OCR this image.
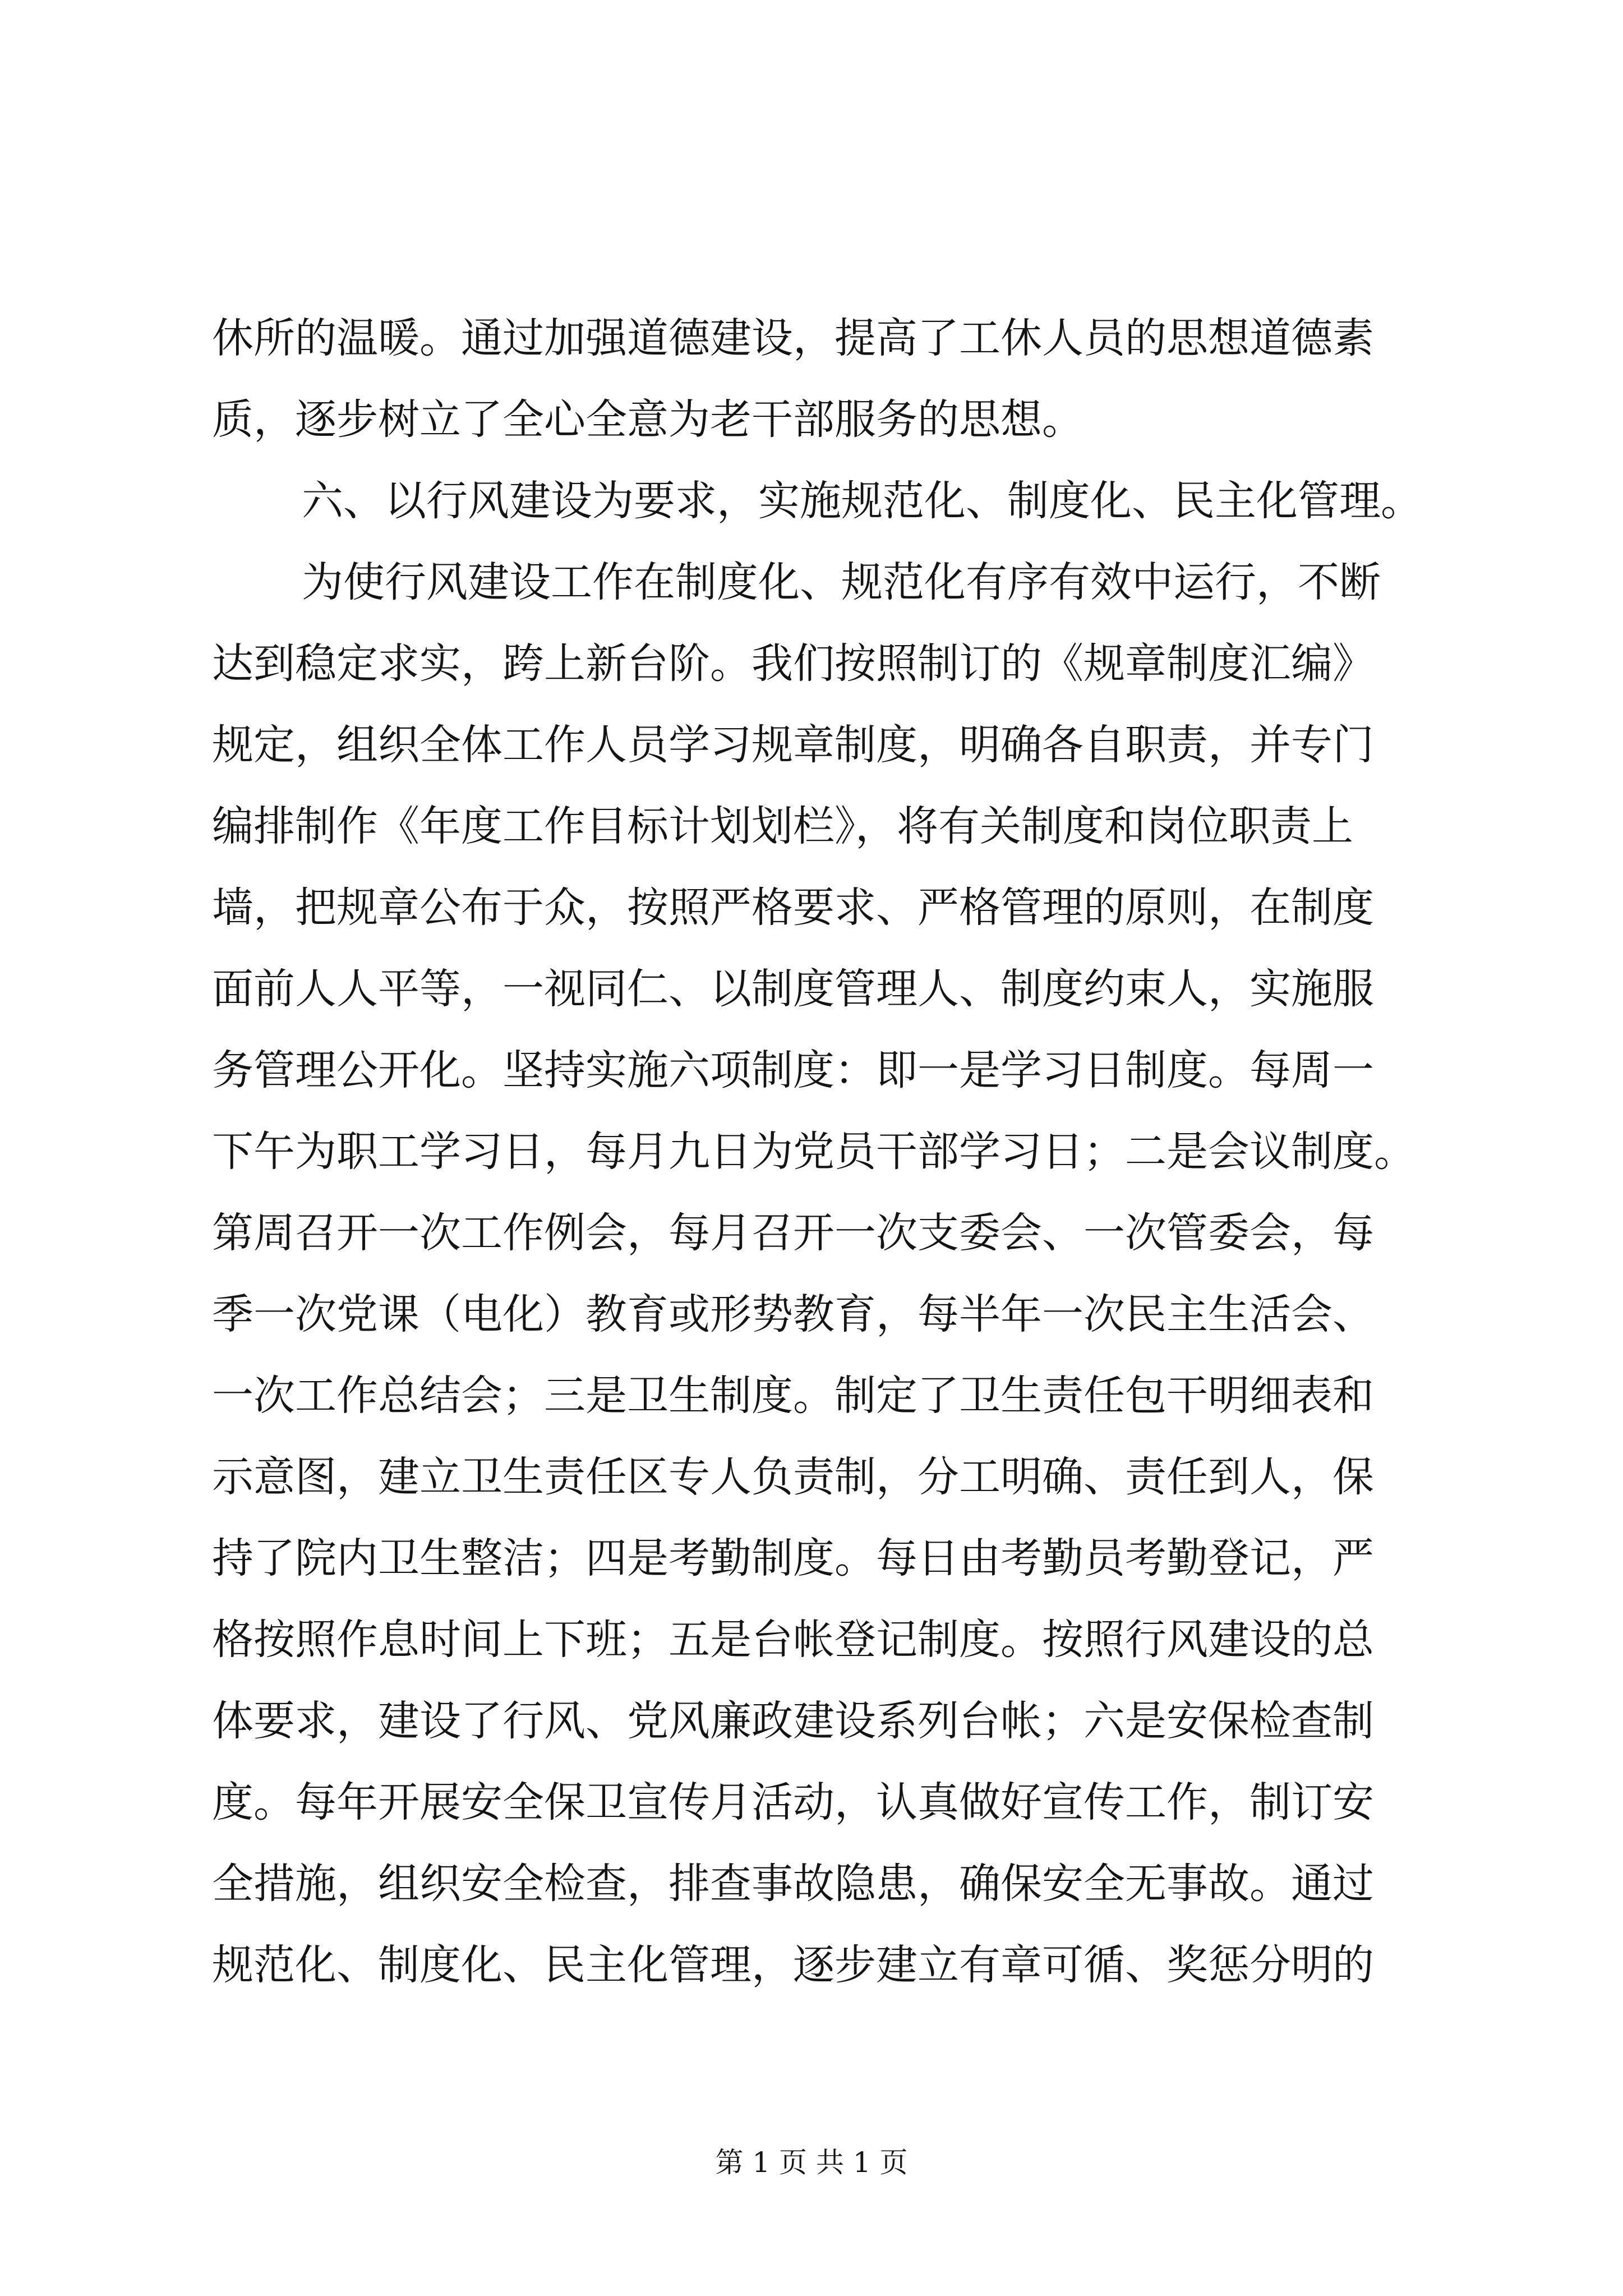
休所的温暖。通过加强道德建设，提高了工休人员的思想道德素
质，逐步树立了全心全意为老干部服务的思想。
六、以行风建设为要求，实施规范化、制度化、民主化管理。
为使行风建设工作在制度化、规范化有序有效中运行，不断
达到稳定求实，跨上新台阶。我们按照制订的《规章制度汇编》
规定，组织全体工作人员学习规章制度，明确各自职责，并专门
编排制作《年度工作目标计划划栏》，将有关制度和岗位职责上
墙，把规章公布于众，按照严格要求、严格管理的原则，在制度
面前人人平等，一视同仁、以制度管理人、制度约束人，实施服
务管理公开化。坚持实施六项制度：即一是学习日制度。每周一
下午为职工学习日，每月九日为党员干部学习日；二是会议制度。
第周召开一次工作例会，每月召开一次支委会、一次管委会，每
季一次党课（电化）教育或形势教育，每半年一次民主生活会、
一次工作总结会；三是卫生制度。制定了卫生责任包干明细表和
示意图，建立卫生责任区专人负责制，分工明确、责任到人，保
持了院内卫生整洁；四是考勤制度。每日由考勤员考勤登记，严
格按照作息时间上下班；五是台帐登记制度。按照行风建设的总
体要求，建设了行风、党风廉政建设系列台帐；六是安保检查制
度。每年开展安全保卫宣传月活动，认真做好宣传工作，制订安
全措施，组织安全检查，排查事故隐患，确保安全无事故。通过
规范化、制度化、民主化管理，逐步建立有章可循、奖惩分明的
第 1 页 共 1 页
